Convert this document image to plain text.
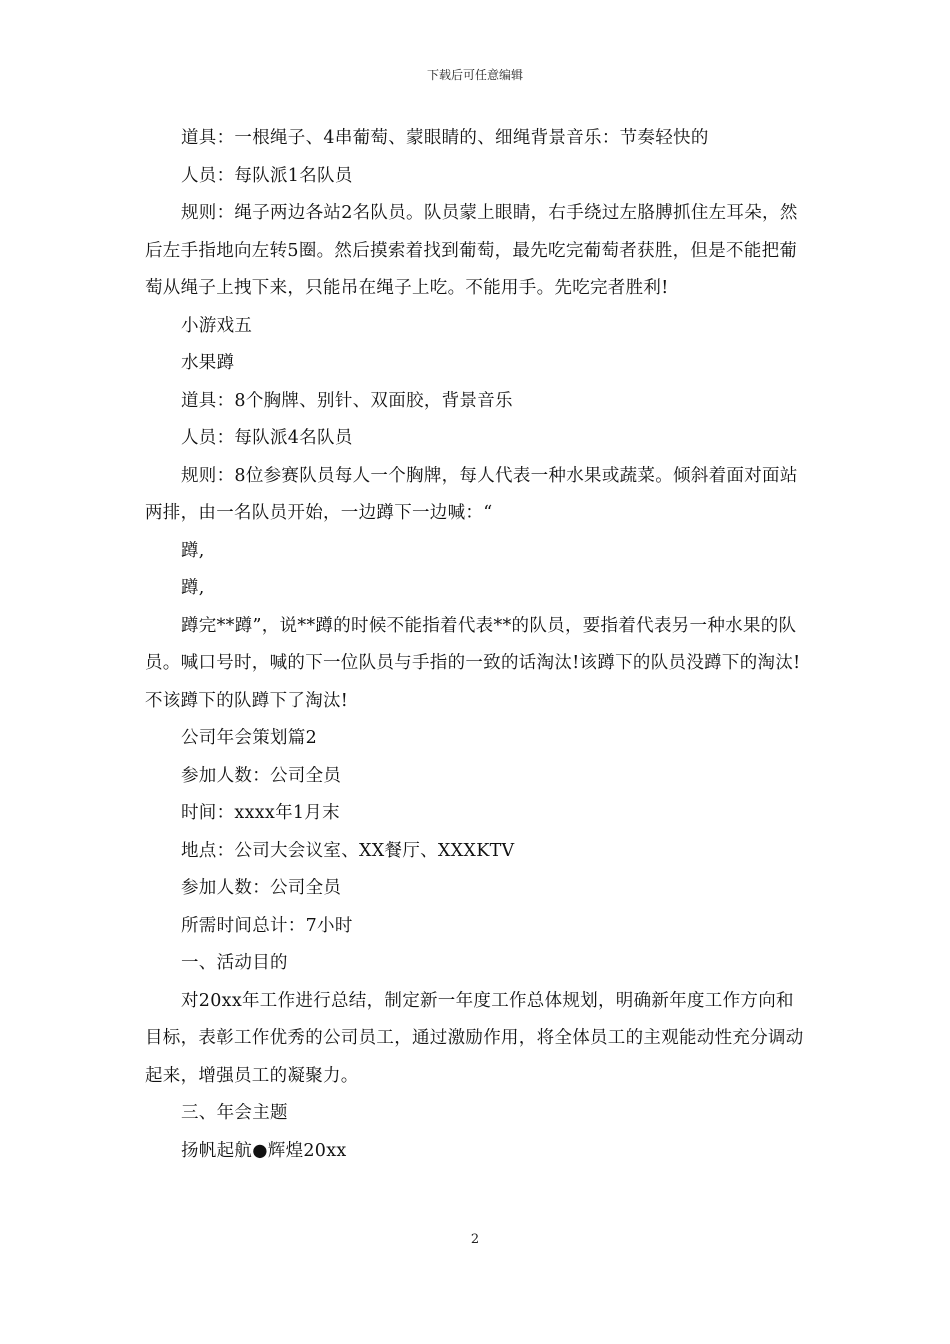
下载后可任意编辑

道具：一根绳子、4串葡萄、蒙眼睛的、细绳背景音乐：节奏轻快的

人员：每队派1名队员

规则：绳子两边各站2名队员。队员蒙上眼睛，右手绕过左胳膊抓住左耳朵，然后左手指地向左转5圈。然后摸索着找到葡萄，最先吃完葡萄者获胜，但是不能把葡萄从绳子上拽下来，只能吊在绳子上吃。不能用手。先吃完者胜利!

小游戏五

水果蹲

道具：8个胸牌、别针、双面胶，背景音乐

人员：每队派4名队员

规则：8位参赛队员每人一个胸牌，每人代表一种水果或蔬菜。倾斜着面对面站两排，由一名队员开始，一边蹲下一边喊：“

蹲,

蹲,

蹲完**蹲”，说**蹲的时候不能指着代表**的队员，要指着代表另一种水果的队员。喊口号时，喊的下一位队员与手指的一致的话淘汰!该蹲下的队员没蹲下的淘汰!不该蹲下的队蹲下了淘汰!

公司年会策划篇2

参加人数：公司全员

时间：xxxx年1月末

地点：公司大会议室、XX餐厅、XXXKTV

参加人数：公司全员

所需时间总计：7小时

一、活动目的

对20xx年工作进行总结，制定新一年度工作总体规划，明确新年度工作方向和目标，表彰工作优秀的公司员工，通过激励作用，将全体员工的主观能动性充分调动起来，增强员工的凝聚力。

三、年会主题

扬帆起航●辉煌20xx

2
